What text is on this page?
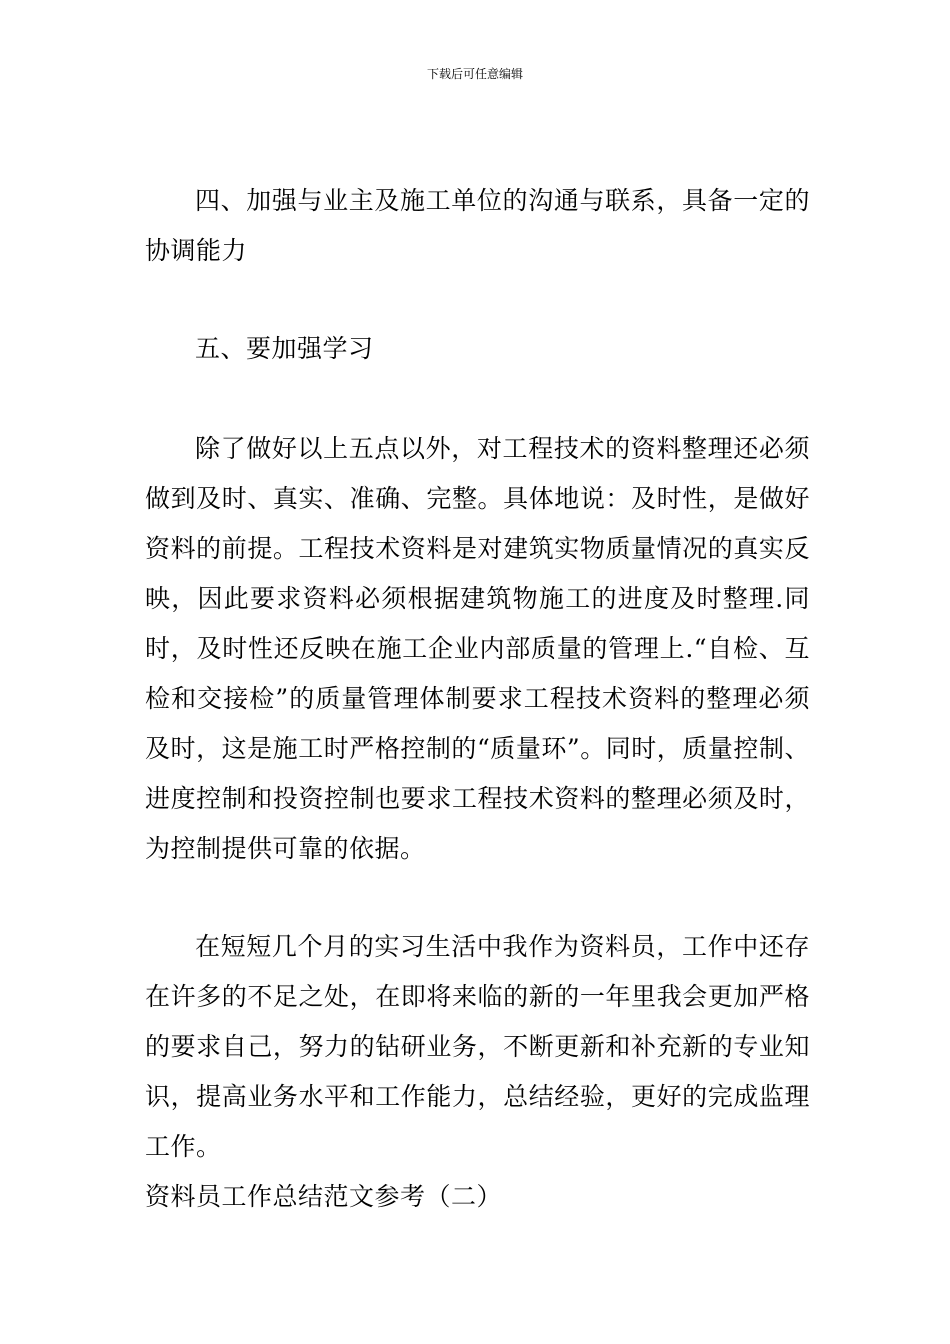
下载后可任意编辑

四、加强与业主及施工单位的沟通与联系，具备一定的协调能力

五、要加强学习

除了做好以上五点以外，对工程技术的资料整理还必须做到及时、真实、准确、完整。具体地说：及时性，是做好资料的前提。工程技术资料是对建筑实物质量情况的真实反映，因此要求资料必须根据建筑物施工的进度及时整理.同时，及时性还反映在施工企业内部质量的管理上.“自检、互检和交接检”的质量管理体制要求工程技术资料的整理必须及时，这是施工时严格控制的“质量环”。同时，质量控制、进度控制和投资控制也要求工程技术资料的整理必须及时，为控制提供可靠的依据。

在短短几个月的实习生活中我作为资料员，工作中还存在许多的不足之处，在即将来临的新的一年里我会更加严格的要求自己，努力的钻研业务，不断更新和补充新的专业知识，提高业务水平和工作能力，总结经验，更好的完成监理工作。

资料员工作总结范文参考（二）
